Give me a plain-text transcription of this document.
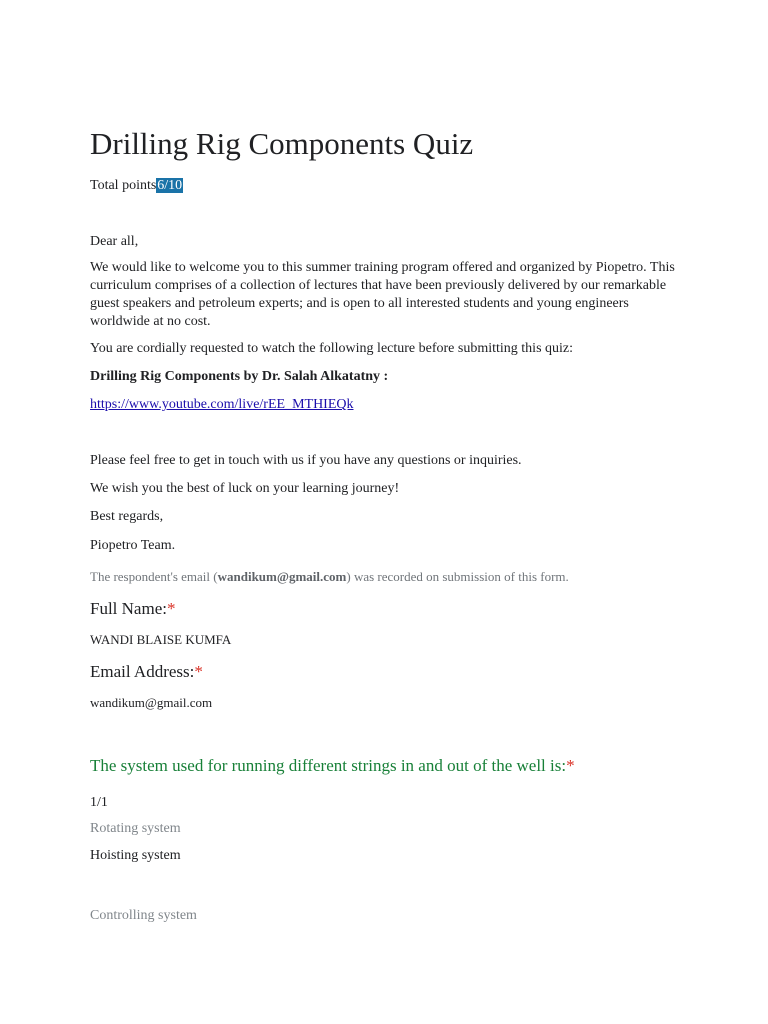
Drilling Rig Components Quiz
Total points6/10
Dear all,
We would like to welcome you to this summer training program offered and organized by Piopetro. This curriculum comprises of a collection of lectures that have been previously delivered by our remarkable guest speakers and petroleum experts; and is open to all interested students and young engineers worldwide at no cost.
You are cordially requested to watch the following lecture before submitting this quiz:
Drilling Rig Components by Dr. Salah Alkatatny :
https://www.youtube.com/live/rEE_MTHIEQk
Please feel free to get in touch with us if you have any questions or inquiries.
We wish you the best of luck on your learning journey!
Best regards,
Piopetro Team.
The respondent's email (wandikum@gmail.com) was recorded on submission of this form.
Full Name:*
WANDI BLAISE KUMFA
Email Address:*
wandikum@gmail.com
The system used for running different strings in and out of the well is:*
1/1
Rotating system
Hoisting system
Controlling system
